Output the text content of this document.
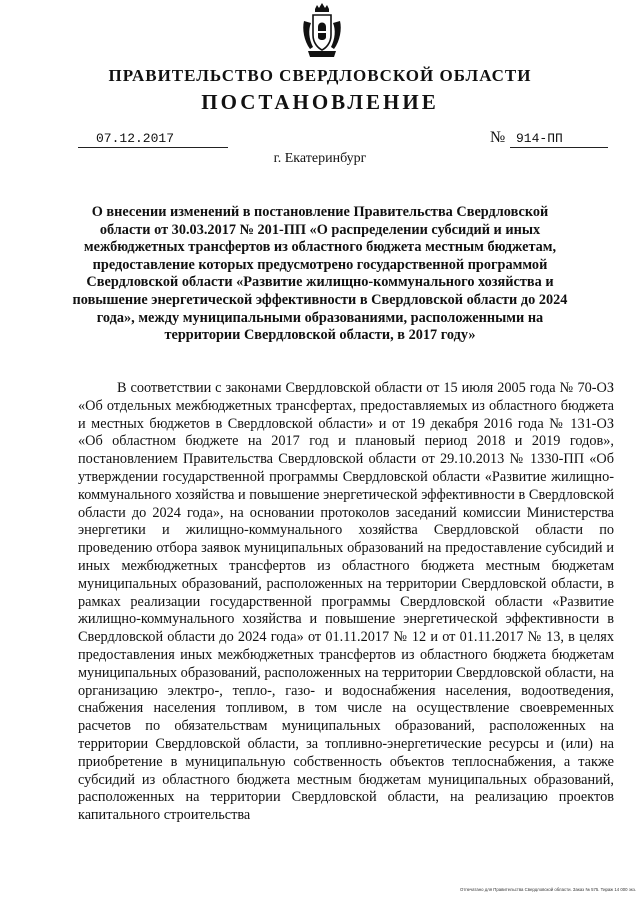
ПРАВИТЕЛЬСТВО СВЕРДЛОВСКОЙ ОБЛАСТИ
ПОСТАНОВЛЕНИЕ
07.12.2017	№ 914-ПП
г. Екатеринбург
О внесении изменений в постановление Правительства Свердловской области от 30.03.2017 № 201-ПП «О распределении субсидий и иных межбюджетных трансфертов из областного бюджета местным бюджетам, предоставление которых предусмотрено государственной программой Свердловской области «Развитие жилищно-коммунального хозяйства и повышение энергетической эффективности в Свердловской области до 2024 года», между муниципальными образованиями, расположенными на территории Свердловской области, в 2017 году»
В соответствии с законами Свердловской области от 15 июля 2005 года № 70-ОЗ «Об отдельных межбюджетных трансфертах, предоставляемых из областного бюджета и местных бюджетов в Свердловской области» и от 19 декабря 2016 года № 131-ОЗ «Об областном бюджете на 2017 год и плановый период 2018 и 2019 годов», постановлением Правительства Свердловской области от 29.10.2013 № 1330-ПП «Об утверждении государственной программы Свердловской области «Развитие жилищно-коммунального хозяйства и повышение энергетической эффективности в Свердловской области до 2024 года», на основании протоколов заседаний комиссии Министерства энергетики и жилищно-коммунального хозяйства Свердловской области по проведению отбора заявок муниципальных образований на предоставление субсидий и иных межбюджетных трансфертов из областного бюджета местным бюджетам муниципальных образований, расположенных на территории Свердловской области, в рамках реализации государственной программы Свердловской области «Развитие жилищно-коммунального хозяйства и повышение энергетической эффективности в Свердловской области до 2024 года» от 01.11.2017 № 12 и от 01.11.2017 № 13, в целях предоставления иных межбюджетных трансфертов из областного бюджета бюджетам муниципальных образований, расположенных на территории Свердловской области, на организацию электро-, тепло-, газо- и водоснабжения населения, водоотведения, снабжения населения топливом, в том числе на осуществление своевременных расчетов по обязательствам муниципальных образований, расположенных на территории Свердловской области, за топливно-энергетические ресурсы и (или) на приобретение в муниципальную собственность объектов теплоснабжения, а также субсидий из областного бюджета местным бюджетам муниципальных образований, расположенных на территории Свердловской области, на реализацию проектов капитального строительства
Отпечатано для Правительства Свердловской области. Заказ № 575. Тираж 14 000 экз.
